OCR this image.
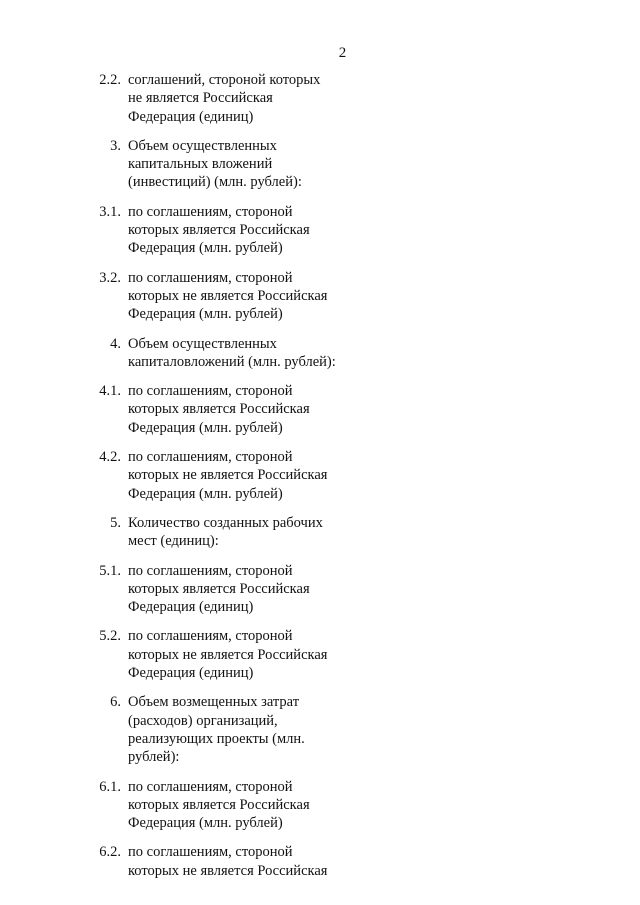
2
2.2. соглашений, стороной которых
не является Российская
Федерация (единиц)
3. Объем осуществленных
капитальных вложений
(инвестиций) (млн. рублей):
3.1. по соглашениям, стороной
которых является Российская
Федерация (млн. рублей)
3.2. по соглашениям, стороной
которых не является Российская
Федерация (млн. рублей)
4. Объем осуществленных
капиталовложений (млн. рублей):
4.1. по соглашениям, стороной
которых является Российская
Федерация (млн. рублей)
4.2. по соглашениям, стороной
которых не является Российская
Федерация (млн. рублей)
5. Количество созданных рабочих
мест (единиц):
5.1. по соглашениям, стороной
которых является Российская
Федерация (единиц)
5.2. по соглашениям, стороной
которых не является Российская
Федерация (единиц)
6. Объем возмещенных затрат
(расходов) организаций,
реализующих проекты (млн.
рублей):
6.1. по соглашениям, стороной
которых является Российская
Федерация (млн. рублей)
6.2. по соглашениям, стороной
которых не является Российская
